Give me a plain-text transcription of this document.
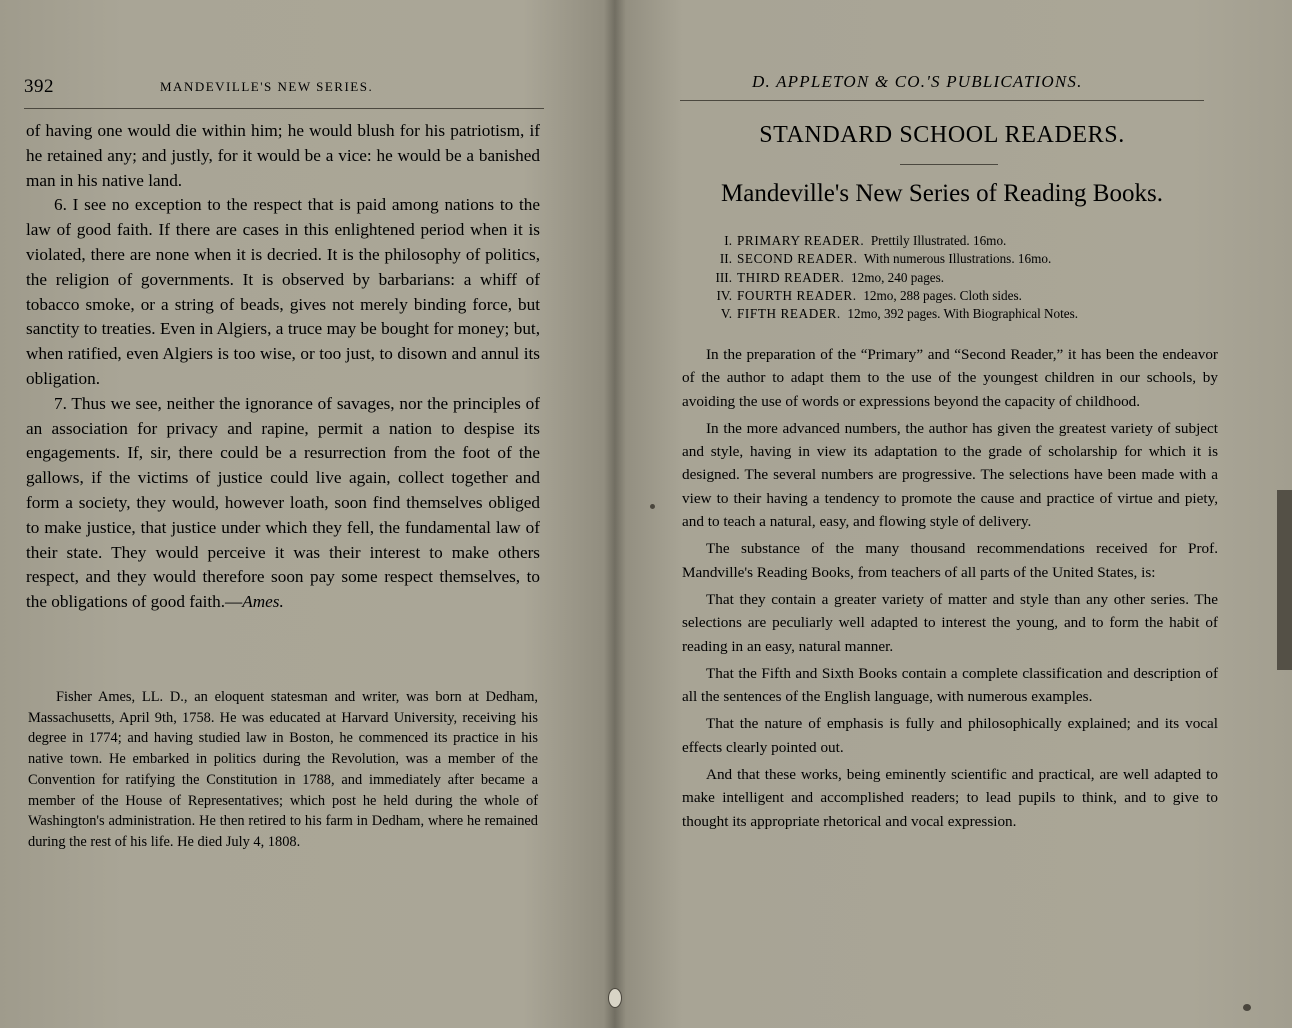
392	MANDEVILLE'S NEW SERIES.

of having one would die within him; he would blush for his patriotism, if he retained any; and justly, for it would be a vice: he would be a banished man in his native land.

6. I see no exception to the respect that is paid among nations to the law of good faith. If there are cases in this enlightened period when it is violated, there are none when it is decried. It is the philosophy of politics, the religion of governments. It is observed by barbarians: a whiff of tobacco smoke, or a string of beads, gives not merely binding force, but sanctity to treaties. Even in Algiers, a truce may be bought for money; but, when ratified, even Algiers is too wise, or too just, to disown and annul its obligation.

7. Thus we see, neither the ignorance of savages, nor the principles of an association for privacy and rapine, permit a nation to despise its engagements. If, sir, there could be a resurrection from the foot of the gallows, if the victims of justice could live again, collect together and form a society, they would, however loath, soon find themselves obliged to make justice, that justice under which they fell, the fundamental law of their state. They would perceive it was their interest to make others respect, and they would therefore soon pay some respect themselves, to the obligations of good faith.—Ames.

Fisher Ames, LL. D., an eloquent statesman and writer, was born at Dedham, Massachusetts, April 9th, 1758. He was educated at Harvard University, receiving his degree in 1774; and having studied law in Boston, he commenced its practice in his native town. He embarked in politics during the Revolution, was a member of the Convention for ratifying the Constitution in 1788, and immediately after became a member of the House of Representatives; which post he held during the whole of Washington's administration. He then retired to his farm in Dedham, where he remained during the rest of his life. He died July 4, 1808.
D. APPLETON & CO.'S PUBLICATIONS.
STANDARD SCHOOL READERS.
Mandeville's New Series of Reading Books.
I. PRIMARY READER. Prettily Illustrated. 16mo.
II. SECOND READER. With numerous Illustrations. 16mo.
III. THIRD READER. 12mo, 240 pages.
IV. FOURTH READER. 12mo, 288 pages. Cloth sides.
V. FIFTH READER. 12mo, 392 pages. With Biographical Notes.

In the preparation of the “Primary” and “Second Reader,” it has been the endeavor of the author to adapt them to the use of the youngest children in our schools, by avoiding the use of words or expressions beyond the capacity of childhood.

In the more advanced numbers, the author has given the greatest variety of subject and style, having in view its adaptation to the grade of scholarship for which it is designed. The several numbers are progressive. The selections have been made with a view to their having a tendency to promote the cause and practice of virtue and piety, and to teach a natural, easy, and flowing style of delivery.

The substance of the many thousand recommendations received for Prof. Mandville's Reading Books, from teachers of all parts of the United States, is:

That they contain a greater variety of matter and style than any other series. The selections are peculiarly well adapted to interest the young, and to form the habit of reading in an easy, natural manner.

That the Fifth and Sixth Books contain a complete classification and description of all the sentences of the English language, with numerous examples.

That the nature of emphasis is fully and philosophically explained; and its vocal effects clearly pointed out.

And that these works, being eminently scientific and practical, are well adapted to make intelligent and accomplished readers; to lead pupils to think, and to give to thought its appropriate rhetorical and vocal expression.
